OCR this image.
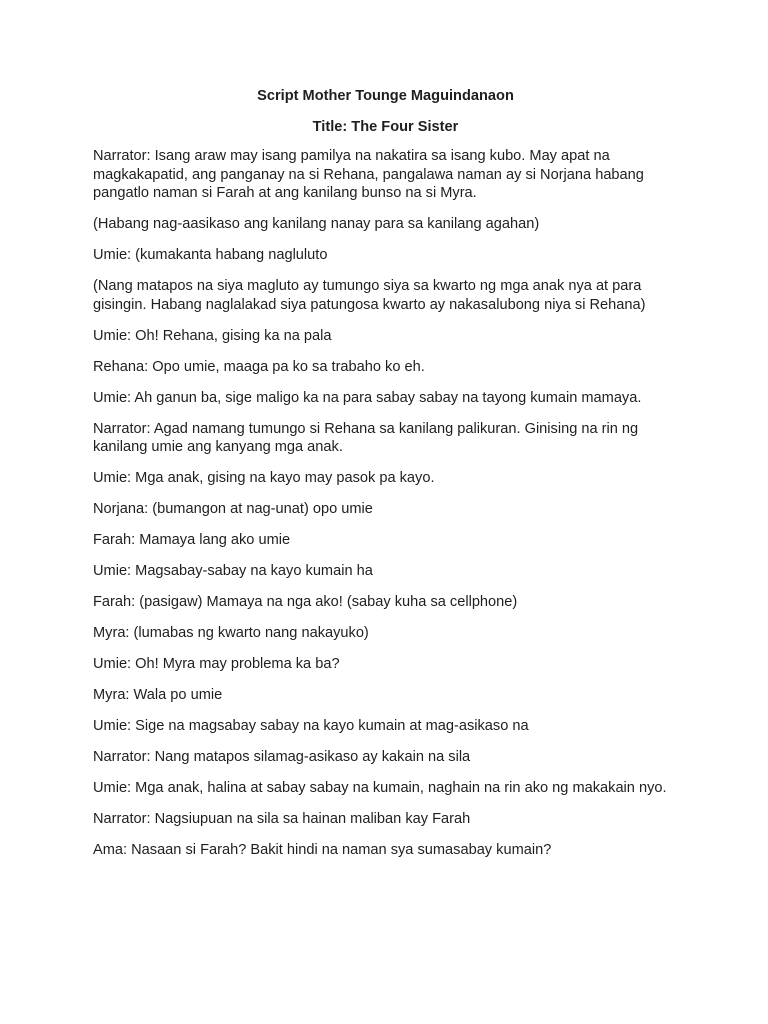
Script Mother Tounge Maguindanaon
Title: The Four Sister
Narrator: Isang araw may isang pamilya na nakatira sa isang kubo. May apat na magkakapatid, ang panganay na si Rehana, pangalawa naman ay si Norjana habang pangatlo naman si Farah at ang kanilang bunso na si Myra.
(Habang nag-aasikaso ang kanilang nanay para sa kanilang agahan)
Umie: (kumakanta habang nagluluto
(Nang matapos na siya magluto ay tumungo siya sa kwarto ng mga anak nya at para gisingin. Habang naglalakad siya patungosa kwarto ay nakasalubong niya si Rehana)
Umie: Oh! Rehana, gising ka na pala
Rehana: Opo umie, maaga pa ko sa trabaho ko eh.
Umie: Ah ganun ba, sige maligo ka na para sabay sabay na tayong kumain mamaya.
Narrator: Agad namang tumungo si Rehana sa kanilang palikuran. Ginising na rin ng kanilang umie ang kanyang mga anak.
Umie: Mga anak, gising na kayo may pasok pa kayo.
Norjana: (bumangon at nag-unat) opo umie
Farah: Mamaya lang ako umie
Umie: Magsabay-sabay na kayo kumain ha
Farah: (pasigaw) Mamaya na nga ako! (sabay kuha sa cellphone)
Myra: (lumabas ng kwarto nang nakayuko)
Umie: Oh! Myra may problema ka ba?
Myra: Wala po umie
Umie: Sige na magsabay sabay na kayo kumain at mag-asikaso na
Narrator: Nang matapos silamag-asikaso ay kakain na sila
Umie: Mga anak, halina at sabay sabay na kumain, naghain na rin ako ng makakain nyo.
Narrator: Nagsiupuan na sila sa hainan maliban kay Farah
Ama: Nasaan si Farah? Bakit hindi na naman sya sumasabay kumain?
